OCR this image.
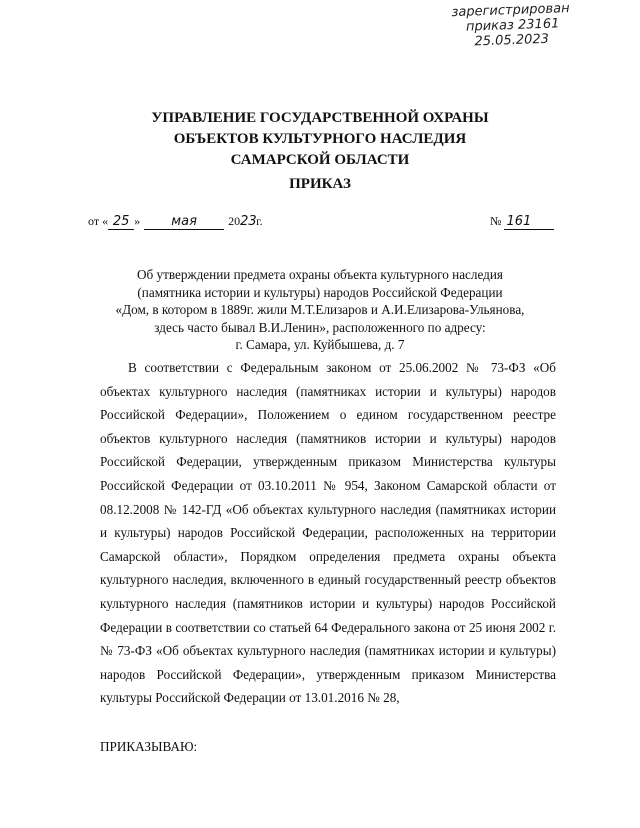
зарегистрирован
приказ 23161
25.05.2023
УПРАВЛЕНИЕ ГОСУДАРСТВЕННОЙ ОХРАНЫ
ОБЪЕКТОВ КУЛЬТУРНОГО НАСЛЕДИЯ
САМАРСКОЙ ОБЛАСТИ
ПРИКАЗ
от « 25 » мая	2023г.	№ 161
Об утверждении предмета охраны объекта культурного наследия
(памятника истории и культуры) народов Российской Федерации
«Дом, в котором в 1889г. жили М.Т.Елизаров и А.И.Елизарова-Ульянова,
здесь часто бывал В.И.Ленин», расположенного по адресу:
г. Самара, ул. Куйбышева, д. 7

В соответствии с Федеральным законом от 25.06.2002 № 73-ФЗ «Об объектах культурного наследия (памятниках истории и культуры) народов Российской Федерации», Положением о едином государственном реестре объектов культурного наследия (памятников истории и культуры) народов Российской Федерации, утвержденным приказом Министерства культуры Российской Федерации от 03.10.2011 № 954, Законом Самарской области от 08.12.2008 № 142-ГД «Об объектах культурного наследия (памятниках истории и культуры) народов Российской Федерации, расположенных на территории Самарской области», Порядком определения предмета охраны объекта культурного наследия, включенного в единый государственный реестр объектов культурного наследия (памятников истории и культуры) народов Российской Федерации в соответствии со статьей 64 Федерального закона от 25 июня 2002 г. № 73-ФЗ «Об объектах культурного наследия (памятниках истории и культуры) народов Российской Федерации», утвержденным приказом Министерства культуры Российской Федерации от 13.01.2016 № 28,

ПРИКАЗЫВАЮ:
